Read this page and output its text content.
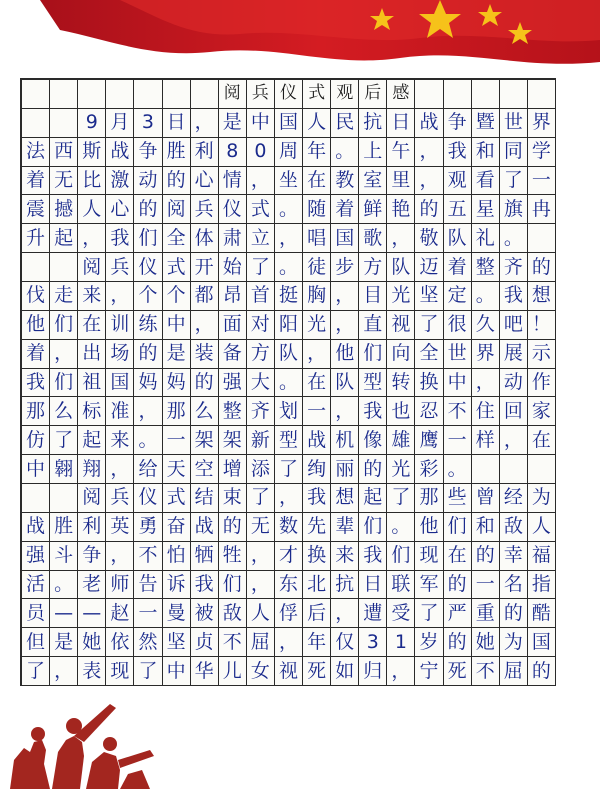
阅 兵 仪 式 观 后 感
9 月 3 日 ， 是 中 国 人 民 抗 日 战 争 暨 世 界
法 西 斯 战 争 胜 利 8 0 周 年 。 上 午 ， 我 和 同 学
着 无 比 激 动 的 心 情 ， 坐 在 教 室 里 ， 观 看 了 一
震 撼 人 心 的 阅 兵 仪 式 。 随 着 鲜 艳 的 五 星 旗 冉
升 起 ， 我 们 全 体 肃 立 ， 唱 国 歌 ， 敬 队 礼 。
阅 兵 仪 式 开 始 了 。 徒 步 方 队 迈 着 整 齐 的
伐 走 来 ， 个 个 都 昂 首 挺 胸 ， 目 光 坚 定 。 我 想
他 们 在 训 练 中 ， 面 对 阳 光 ， 直 视 了 很 久 吧 ！
着 ， 出 场 的 是 装 备 方 队 ， 他 们 向 全 世 界 展 示
我 们 祖 国 妈 妈 的 强 大 。 在 队 型 转 换 中 ， 动 作
那 么 标 准 ， 那 么 整 齐 划 一 ， 我 也 忍 不 住 回 家
仿 了 起 来 。 一 架 架 新 型 战 机 像 雄 鹰 一 样 ， 在
中 翱 翔 ， 给 天 空 增 添 了 绚 丽 的 光 彩 。
阅 兵 仪 式 结 束 了 ， 我 想 起 了 那 些 曾 经 为
战 胜 利 英 勇 奋 战 的 无 数 先 辈 们 。 他 们 和 敌 人
强 斗 争 ， 不 怕 牺 牲 ， 才 换 来 我 们 现 在 的 幸 福
活 。 老 师 告 诉 我 们 ， 东 北 抗 日 联 军 的 一 名 指
员 — — 赵 一 曼 被 敌 人 俘 后 ， 遭 受 了 严 重 的 酷
但 是 她 依 然 坚 贞 不 屈 ， 年 仅 3 1 岁 的 她 为 国
了 ， 表 现 了 中 华 儿 女 视 死 如 归 ， 宁 死 不 屈 的
